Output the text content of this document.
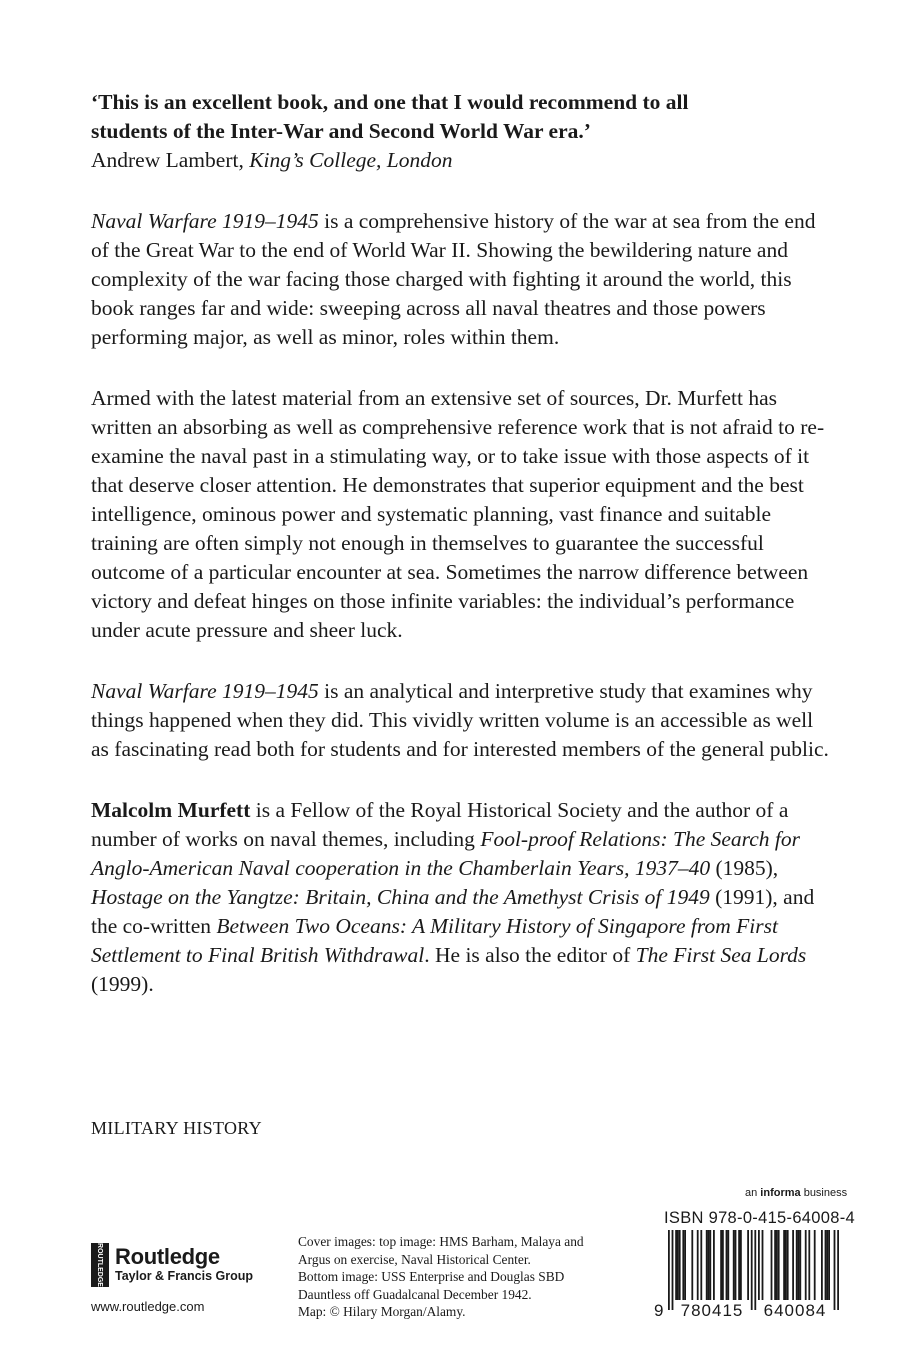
‘This is an excellent book, and one that I would recommend to all
students of the Inter-War and Second World War era.’

Andrew Lambert, King’s College, London

Naval Warfare 1919–1945 is a comprehensive history of the war at sea from the end of the Great War to the end of World War II. Showing the bewildering nature and complexity of the war facing those charged with fighting it around the world, this book ranges far and wide: sweeping across all naval theatres and those powers performing major, as well as minor, roles within them.

Armed with the latest material from an extensive set of sources, Dr. Murfett has written an absorbing as well as comprehensive reference work that is not afraid to re-examine the naval past in a stimulating way, or to take issue with those aspects of it that deserve closer attention. He demonstrates that superior equipment and the best intelligence, ominous power and systematic planning, vast finance and suitable training are often simply not enough in themselves to guarantee the successful outcome of a particular encounter at sea. Sometimes the narrow difference between victory and defeat hinges on those infinite variables: the individual’s performance under acute pressure and sheer luck.

Naval Warfare 1919–1945 is an analytical and interpretive study that examines why things happened when they did. This vividly written volume is an accessible as well as fascinating read both for students and for interested members of the general public.

Malcolm Murfett is a Fellow of the Royal Historical Society and the author of a number of works on naval themes, including Fool-proof Relations: The Search for Anglo-American Naval cooperation in the Chamberlain Years, 1937–40 (1985), Hostage on the Yangtze: Britain, China and the Amethyst Crisis of 1949 (1991), and the co-written Between Two Oceans: A Military History of Singapore from First Settlement to Final British Withdrawal. He is also the editor of The First Sea Lords (1999).

MILITARY HISTORY
ROUTLEDGE Routledge
Taylor & Francis Group
www.routledge.com
Cover images: top image: HMS Barham, Malaya and
Argus on exercise, Naval Historical Center.
Bottom image: USS Enterprise and Douglas SBD
Dauntless off Guadalcanal December 1942.
Map: © Hilary Morgan/Alamy.
an informa business
ISBN 978-0-415-64008-4
9 780415 640084
